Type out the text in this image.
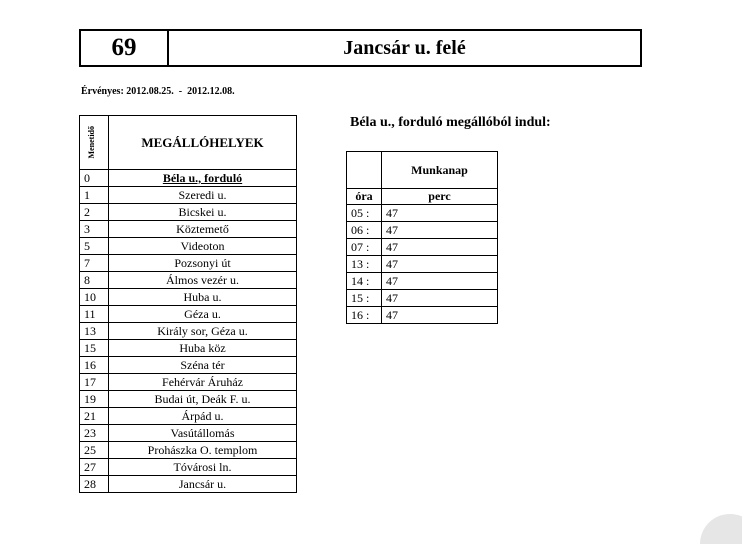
69	Jancsár u. felé
Érvényes: 2012.08.25.  -  2012.12.08.
Menetidő	MEGÁLLÓHELYEK
0	Béla u., forduló
1	Szeredi u.
2	Bicskei u.
3	Köztemető
5	Videoton
7	Pozsonyi út
8	Álmos vezér u.
10	Huba u.
11	Géza u.
13	Király sor, Géza u.
15	Huba köz
16	Széna tér
17	Fehérvár Áruház
19	Budai út, Deák F. u.
21	Árpád u.
23	Vasútállomás
25	Prohászka O. templom
27	Tóvárosi ln.
28	Jancsár u.
Béla u., forduló megállóból indul:
	Munkanap
óra	perc
05 :	47
06 :	47
07 :	47
13 :	47
14 :	47
15 :	47
16 :	47
